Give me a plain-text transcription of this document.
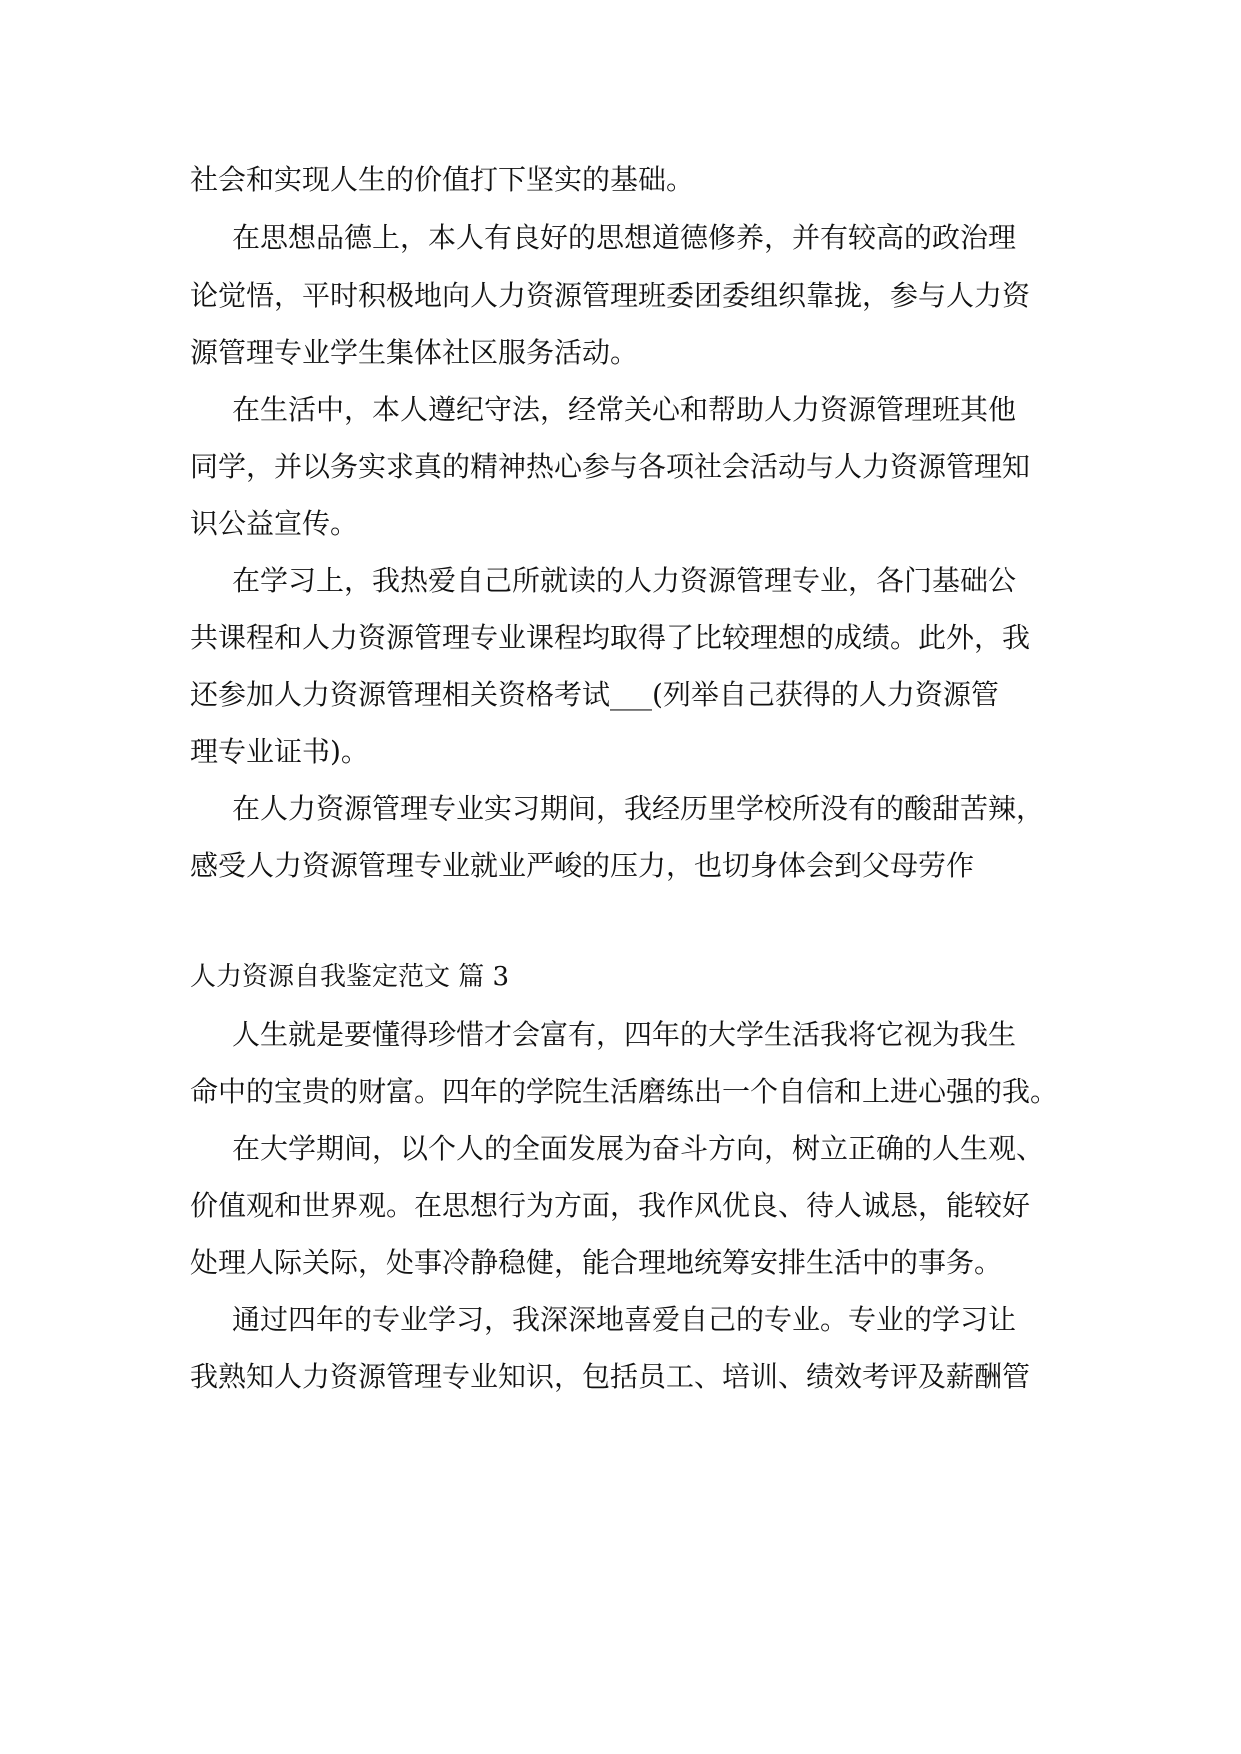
社会和实现人生的价值打下坚实的基础。
在思想品德上，本人有良好的思想道德修养，并有较高的政治理
论觉悟，平时积极地向人力资源管理班委团委组织靠拢，参与人力资
源管理专业学生集体社区服务活动。
在生活中，本人遵纪守法，经常关心和帮助人力资源管理班其他
同学，并以务实求真的精神热心参与各项社会活动与人力资源管理知
识公益宣传。
在学习上，我热爱自己所就读的人力资源管理专业，各门基础公
共课程和人力资源管理专业课程均取得了比较理想的成绩。此外，我
还参加人力资源管理相关资格考试___(列举自己获得的人力资源管
理专业证书)。
在人力资源管理专业实习期间，我经历里学校所没有的酸甜苦辣，
感受人力资源管理专业就业严峻的压力，也切身体会到父母劳作
人力资源自我鉴定范文 篇 3
人生就是要懂得珍惜才会富有，四年的大学生活我将它视为我生
命中的宝贵的财富。四年的学院生活磨练出一个自信和上进心强的我。
在大学期间，以个人的全面发展为奋斗方向，树立正确的人生观、
价值观和世界观。在思想行为方面，我作风优良、待人诚恳，能较好
处理人际关际，处事冷静稳健，能合理地统筹安排生活中的事务。
通过四年的专业学习，我深深地喜爱自己的专业。专业的学习让
我熟知人力资源管理专业知识，包括员工、培训、绩效考评及薪酬管
